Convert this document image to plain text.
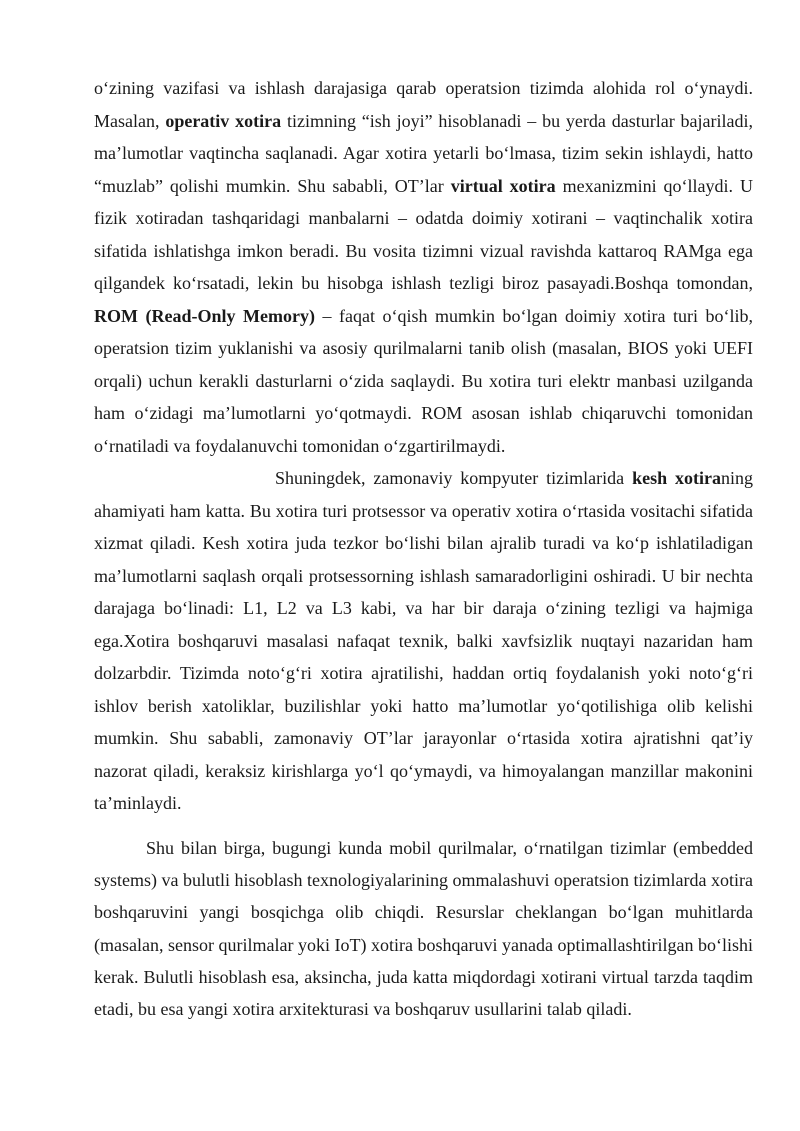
o‘zining vazifasi va ishlash darajasiga qarab operatsion tizimda alohida rol o‘ynaydi. Masalan, operativ xotira tizimning “ish joyi” hisoblanadi – bu yerda dasturlar bajariladi, ma’lumotlar vaqtincha saqlanadi. Agar xotira yetarli bo‘lmasa, tizim sekin ishlaydi, hatto “muzlab” qolishi mumkin. Shu sababli, OT’lar virtual xotira mexanizmini qo‘llaydi. U fizik xotiradan tashqaridagi manbalarni – odatda doimiy xotirani – vaqtinchalik xotira sifatida ishlatishga imkon beradi. Bu vosita tizimni vizual ravishda kattaroq RAMga ega qilgandek ko‘rsatadi, lekin bu hisobga ishlash tezligi biroz pasayadi.Boshqa tomondan, ROM (Read-Only Memory) – faqat o‘qish mumkin bo‘lgan doimiy xotira turi bo‘lib, operatsion tizim yuklanishi va asosiy qurilmalarni tanib olish (masalan, BIOS yoki UEFI orqali) uchun kerakli dasturlarni o‘zida saqlaydi. Bu xotira turi elektr manbasi uzilganda ham o‘zidagi ma’lumotlarni yo‘qotmaydi. ROM asosan ishlab chiqaruvchi tomonidan o‘rnatiladi va foydalanuvchi tomonidan o‘zgartirilmaydi.
Shuningdek, zamonaviy kompyuter tizimlarida kesh xotiraning ahamiyati ham katta. Bu xotira turi protsessor va operativ xotira o‘rtasida vositachi sifatida xizmat qiladi. Kesh xotira juda tezkor bo‘lishi bilan ajralib turadi va ko‘p ishlatiladigan ma’lumotlarni saqlash orqali protsessorning ishlash samaradorligini oshiradi. U bir nechta darajaga bo‘linadi: L1, L2 va L3 kabi, va har bir daraja o‘zining tezligi va hajmiga ega.Xotira boshqaruvi masalasi nafaqat texnik, balki xavfsizlik nuqtayi nazaridan ham dolzarbdir. Tizimda noto‘g‘ri xotira ajratilishi, haddan ortiq foydalanish yoki noto‘g‘ri ishlov berish xatoliklar, buzilishlar yoki hatto ma’lumotlar yo‘qotilishiga olib kelishi mumkin. Shu sababli, zamonaviy OT’lar jarayonlar o‘rtasida xotira ajratishni qat’iy nazorat qiladi, keraksiz kirishlarga yo‘l qo‘ymaydi, va himoyalangan manzillar makonini ta’minlaydi.

Shu bilan birga, bugungi kunda mobil qurilmalar, o‘rnatilgan tizimlar (embedded systems) va bulutli hisoblash texnologiyalarining ommalashuvi operatsion tizimlarda xotira boshqaruvini yangi bosqichga olib chiqdi. Resurslar cheklangan bo‘lgan muhitlarda (masalan, sensor qurilmalar yoki IoT) xotira boshqaruvi yanada optimallashtirilgan bo‘lishi kerak. Bulutli hisoblash esa, aksincha, juda katta miqdordagi xotirani virtual tarzda taqdim etadi, bu esa yangi xotira arxitekturasi va boshqaruv usullarini talab qiladi.
